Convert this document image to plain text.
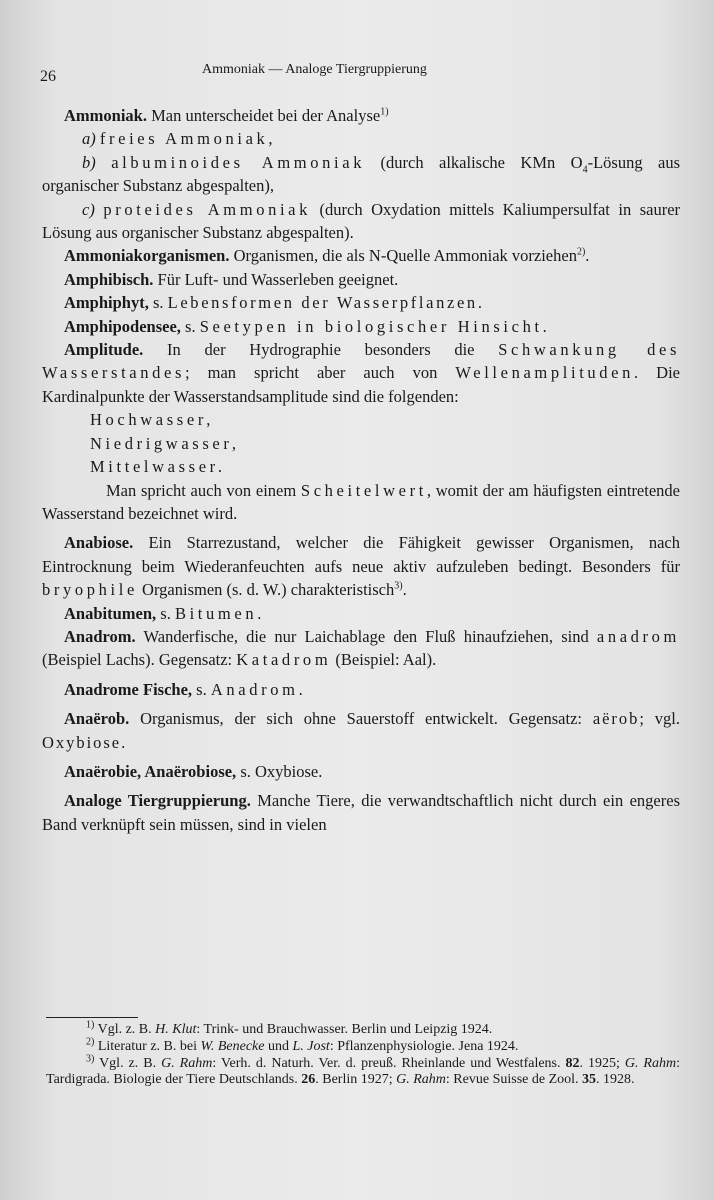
26	Ammoniak — Analoge Tiergruppierung

Ammoniak. Man unterscheidet bei der Analyse$^{1)}$

a) freies Ammoniak,

b) albuminoides Ammoniak (durch alkalische KMn $O_4$-Lösung aus organischer Substanz abgespalten),

c) proteides Ammoniak (durch Oxydation mittels Kaliumpersulfat in saurer Lösung aus organischer Substanz abgespalten).

Ammoniakorganismen. Organismen, die als N-Quelle Ammoniak vorziehen$^{2)}$.

Amphibisch. Für Luft- und Wasserleben geeignet.

Amphiphyt, s. Lebensformen der Wasserpflanzen.

Amphipodensee, s. Seetypen in biologischer Hinsicht.

Amplitude. In der Hydrographie besonders die Schwankung des Wasserstandes; man spricht aber auch von Wellenamplituden. Die Kardinalpunkte der Wasserstandsamplitude sind die folgenden:

Hochwasser,

Niedrigwasser,

Mittelwasser.

Man spricht auch von einem Scheitelwert, womit der am häufigsten eintretende Wasserstand bezeichnet wird.

Anabiose. Ein Starrezustand, welcher die Fähigkeit gewisser Organismen, nach Eintrocknung beim Wiederanfeuchten aufs neue aktiv aufzuleben bedingt. Besonders für bryophile Organismen (s. d. W.) charakteristisch$^{3)}$.

Anabitumen, s. Bitumen.

Anadrom. Wanderfische, die nur Laichablage den Fluß hinaufziehen, sind anadrom (Beispiel Lachs). Gegensatz: Katadrom (Beispiel: Aal).

Anadrome Fische, s. Anadrom.

Anaërob. Organismus, der sich ohne Sauerstoff entwickelt. Gegensatz: aërob; vgl. Oxybiose.

Anaërobie, Anaërobiose, s. Oxybiose.

Analoge Tiergruppierung. Manche Tiere, die verwandtschaftlich nicht durch ein engeres Band verknüpft sein müssen, sind in vielen

$^{1)}$ Vgl. z. B. H. Klut: Trink- und Brauchwasser. Berlin und Leipzig 1924.

$^{2)}$ Literatur z. B. bei W. Benecke und L. Jost: Pflanzenphysiologie. Jena 1924.

$^{3)}$ Vgl. z. B. G. Rahm: Verh. d. Naturh. Ver. d. preuß. Rheinlande und Westfalens. 82. 1925; G. Rahm: Tardigrada. Biologie der Tiere Deutschlands. 26. Berlin 1927; G. Rahm: Revue Suisse de Zool. 35. 1928.
